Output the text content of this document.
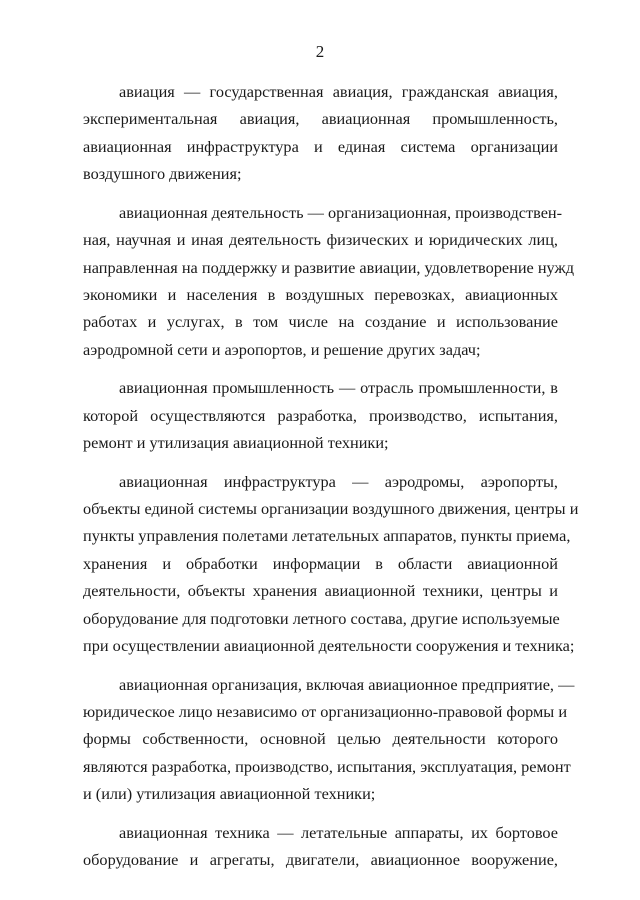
2
авиация — государственная авиация, гражданская авиация,
экспериментальная авиация, авиационная промышленность,
авиационная инфраструктура и единая система организации
воздушного движения;
авиационная деятельность — организационная, производствен-
ная, научная и иная деятельность физических и юридических лиц,
направленная на поддержку и развитие авиации, удовлетворение нужд
экономики и населения в воздушных перевозках, авиационных
работах и услугах, в том числе на создание и использование
аэродромной сети и аэропортов, и решение других задач;
авиационная промышленность — отрасль промышленности, в
которой осуществляются разработка, производство, испытания,
ремонт и утилизация авиационной техники;
авиационная инфраструктура — аэродромы, аэропорты,
объекты единой системы организации воздушного движения, центры и
пункты управления полетами летательных аппаратов, пункты приема,
хранения и обработки информации в области авиационной
деятельности, объекты хранения авиационной техники, центры и
оборудование для подготовки летного состава, другие используемые
при осуществлении авиационной деятельности сооружения и техника;
авиационная организация, включая авиационное предприятие, —
юридическое лицо независимо от организационно-правовой формы и
формы собственности, основной целью деятельности которого
являются разработка, производство, испытания, эксплуатация, ремонт
и (или) утилизация авиационной техники;
авиационная техника — летательные аппараты, их бортовое
оборудование и агрегаты, двигатели, авиационное вооружение,
